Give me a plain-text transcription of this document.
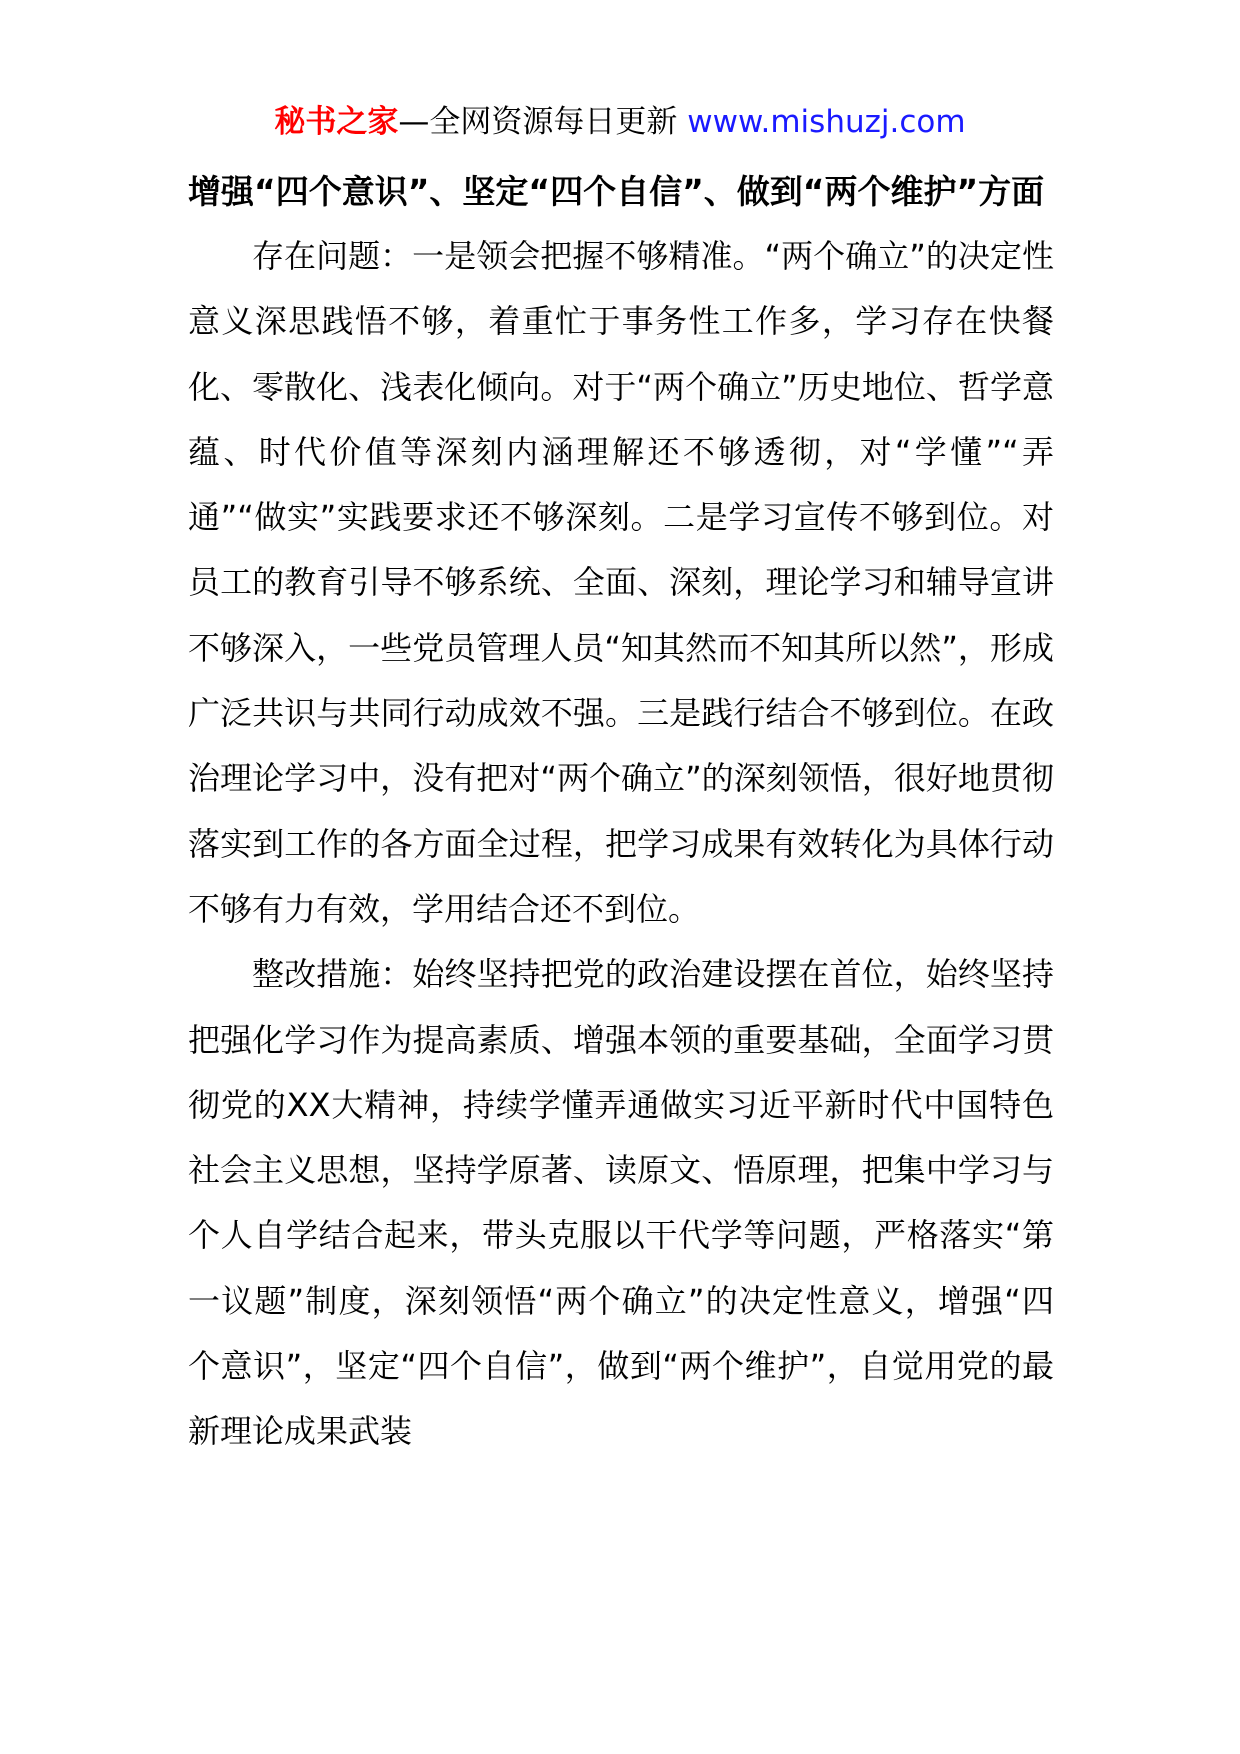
秘书之家—全网资源每日更新 www.mishuzj.com
增强“四个意识”、坚定“四个自信”、做到“两个维护”方面

存在问题：一是领会把握不够精准。“两个确立”的决定性意义深思践悟不够，着重忙于事务性工作多，学习存在快餐化、零散化、浅表化倾向。对于“两个确立”历史地位、哲学意蕴、时代价值等深刻内涵理解还不够透彻，对“学懂”“弄通”“做实”实践要求还不够深刻。二是学习宣传不够到位。对员工的教育引导不够系统、全面、深刻，理论学习和辅导宣讲不够深入，一些党员管理人员“知其然而不知其所以然”，形成广泛共识与共同行动成效不强。三是践行结合不够到位。在政治理论学习中，没有把对“两个确立”的深刻领悟，很好地贯彻落实到工作的各方面全过程，把学习成果有效转化为具体行动不够有力有效，学用结合还不到位。

整改措施：始终坚持把党的政治建设摆在首位，始终坚持把强化学习作为提高素质、增强本领的重要基础，全面学习贯彻党的XX大精神，持续学懂弄通做实习近平新时代中国特色社会主义思想，坚持学原著、读原文、悟原理，把集中学习与个人自学结合起来，带头克服以干代学等问题，严格落实“第一议题”制度，深刻领悟“两个确立”的决定性意义，增强“四个意识”，坚定“四个自信”，做到“两个维护”，自觉用党的最新理论成果武装
